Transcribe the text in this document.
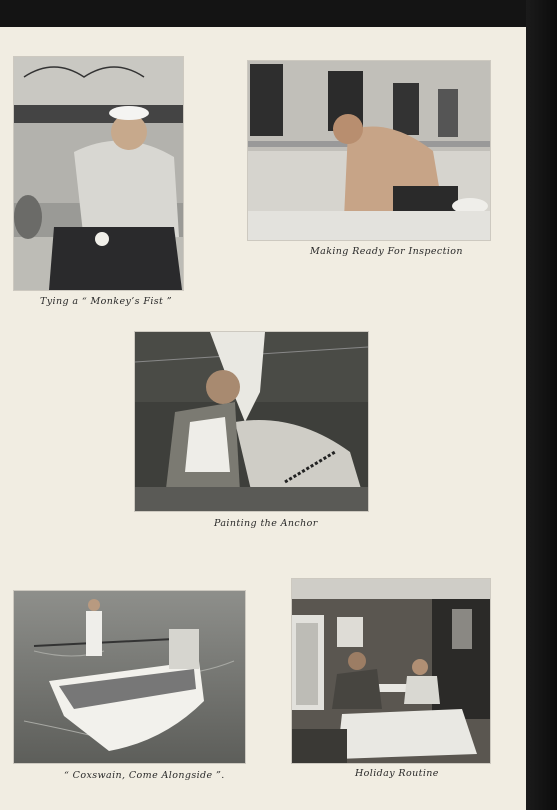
Tying a “ Monkey’s Fist ”
Making Ready For Inspection
Painting the Anchor
“ Coxswain, Come Alongside ”.	Holiday Routine
